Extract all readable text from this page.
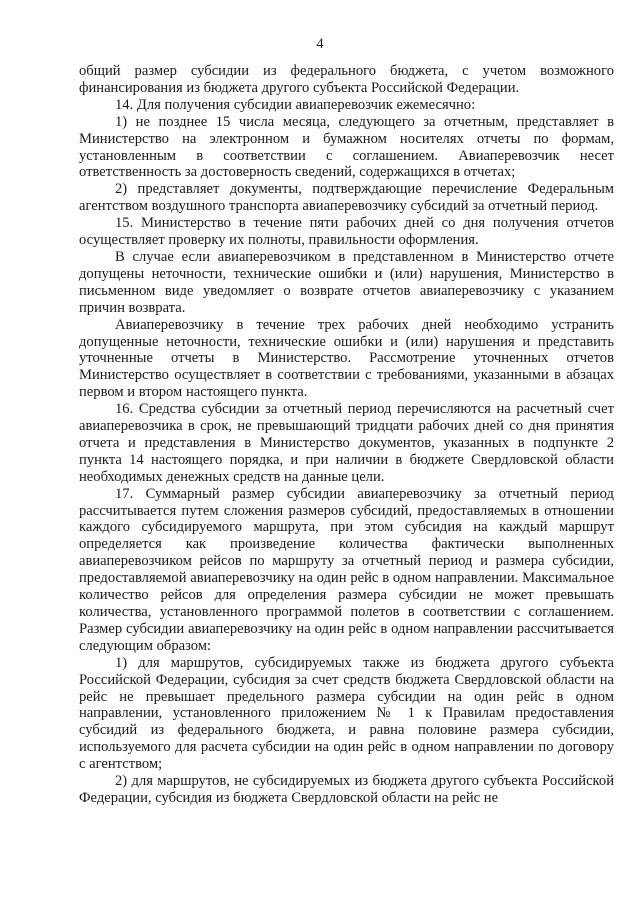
4

общий размер субсидии из федерального бюджета, с учетом возможного финансирования из бюджета другого субъекта Российской Федерации.

14. Для получения субсидии авиаперевозчик ежемесячно:

1) не позднее 15 числа месяца, следующего за отчетным, представляет в Министерство на электронном и бумажном носителях отчеты по формам, установленным в соответствии с соглашением. Авиаперевозчик несет ответственность за достоверность сведений, содержащихся в отчетах;

2) представляет документы, подтверждающие перечисление Федеральным агентством воздушного транспорта авиаперевозчику субсидий за отчетный период.

15. Министерство в течение пяти рабочих дней со дня получения отчетов осуществляет проверку их полноты, правильности оформления.

В случае если авиаперевозчиком в представленном в Министерство отчете допущены неточности, технические ошибки и (или) нарушения, Министерство в письменном виде уведомляет о возврате отчетов авиаперевозчику с указанием причин возврата.

Авиаперевозчику в течение трех рабочих дней необходимо устранить допущенные неточности, технические ошибки и (или) нарушения и представить уточненные отчеты в Министерство. Рассмотрение уточненных отчетов Министерство осуществляет в соответствии с требованиями, указанными в абзацах первом и втором настоящего пункта.

16. Средства субсидии за отчетный период перечисляются на расчетный счет авиаперевозчика в срок, не превышающий тридцати рабочих дней со дня принятия отчета и представления в Министерство документов, указанных в подпункте 2 пункта 14 настоящего порядка, и при наличии в бюджете Свердловской области необходимых денежных средств на данные цели.

17. Суммарный размер субсидии авиаперевозчику за отчетный период рассчитывается путем сложения размеров субсидий, предоставляемых в отношении каждого субсидируемого маршрута, при этом субсидия на каждый маршрут определяется как произведение количества фактически выполненных авиаперевозчиком рейсов по маршруту за отчетный период и размера субсидии, предоставляемой авиаперевозчику на один рейс в одном направлении. Максимальное количество рейсов для определения размера субсидии не может превышать количества, установленного программой полетов в соответствии с соглашением. Размер субсидии авиаперевозчику на один рейс в одном направлении рассчитывается следующим образом:

1) для маршрутов, субсидируемых также из бюджета другого субъекта Российской Федерации, субсидия за счет средств бюджета Свердловской области на рейс не превышает предельного размера субсидии на один рейс в одном направлении, установленного приложением № 1 к Правилам предоставления субсидий из федерального бюджета, и равна половине размера субсидии, используемого для расчета субсидии на один рейс в одном направлении по договору с агентством;

2) для маршрутов, не субсидируемых из бюджета другого субъекта Российской Федерации, субсидия из бюджета Свердловской области на рейс не
